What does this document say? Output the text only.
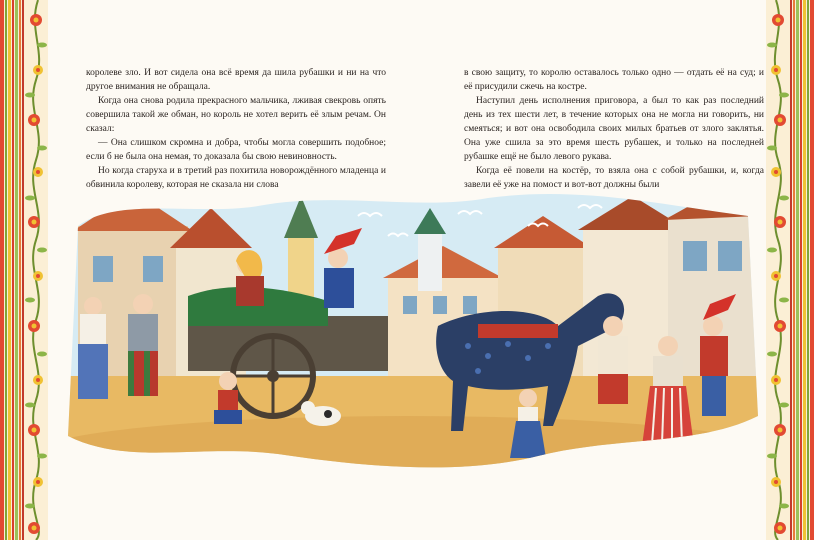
королеве зло. И вот сидела она всё время да шила рубашки и ни на что другое внимания не обращала.

Когда она снова родила прекрасного мальчика, лживая свекровь опять совершила такой же обман, но король не хотел верить её злым речам. Он сказал:

— Она слишком скромна и добра, чтобы могла совершить подобное; если б не была она немая, то доказала бы свою невиновность.

Но когда старуха и в третий раз похитила новорождённого младенца и обвинила королеву, которая не сказала ни слова

в свою защиту, то королю оставалось только одно — отдать её на суд; и её присудили сжечь на костре.

Наступил день исполнения приговора, а был то как раз последний день из тех шести лет, в течение которых она не могла ни говорить, ни смеяться; и вот она освободила своих милых братьев от злого заклятья. Она уже сшила за это время шесть рубашек, и только на последней рубашке ещё не было левого рукава.

Когда её повели на костёр, то взяла она с собой рубашки, и, когда завели её уже на помост и вот-вот должны были
